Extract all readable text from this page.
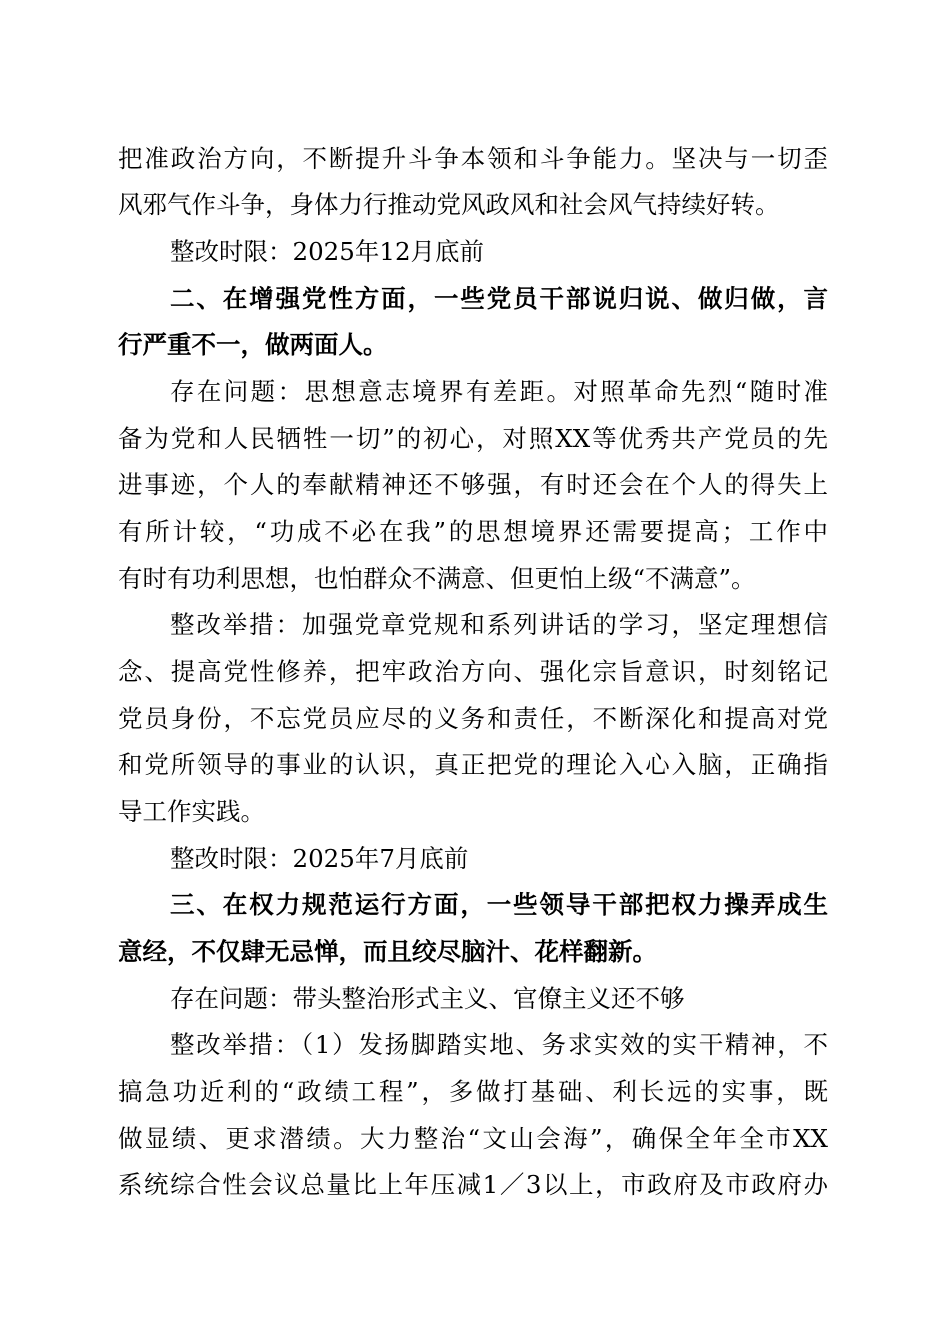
把准政治方向，不断提升斗争本领和斗争能力。坚决与一切歪
风邪气作斗争，身体力行推动党风政风和社会风气持续好转。
整改时限：2025年12月底前
二、在增强党性方面，一些党员干部说归说、做归做，言
行严重不一，做两面人。
存在问题：思想意志境界有差距。对照革命先烈“随时准
备为党和人民牺牲一切”的初心，对照XX等优秀共产党员的先
进事迹，个人的奉献精神还不够强，有时还会在个人的得失上
有所计较，“功成不必在我”的思想境界还需要提高；工作中
有时有功利思想，也怕群众不满意、但更怕上级“不满意”。
整改举措：加强党章党规和系列讲话的学习，坚定理想信
念、提高党性修养，把牢政治方向、强化宗旨意识，时刻铭记
党员身份，不忘党员应尽的义务和责任，不断深化和提高对党
和党所领导的事业的认识，真正把党的理论入心入脑，正确指
导工作实践。
整改时限：2025年7月底前
三、在权力规范运行方面，一些领导干部把权力操弄成生
意经，不仅肆无忌惮，而且绞尽脑汁、花样翻新。
存在问题：带头整治形式主义、官僚主义还不够
整改举措：（1）发扬脚踏实地、务求实效的实干精神，不
搞急功近利的“政绩工程”，多做打基础、利长远的实事，既
做显绩、更求潜绩。大力整治“文山会海”，确保全年全市XX
系统综合性会议总量比上年压减1／3以上，市政府及市政府办
